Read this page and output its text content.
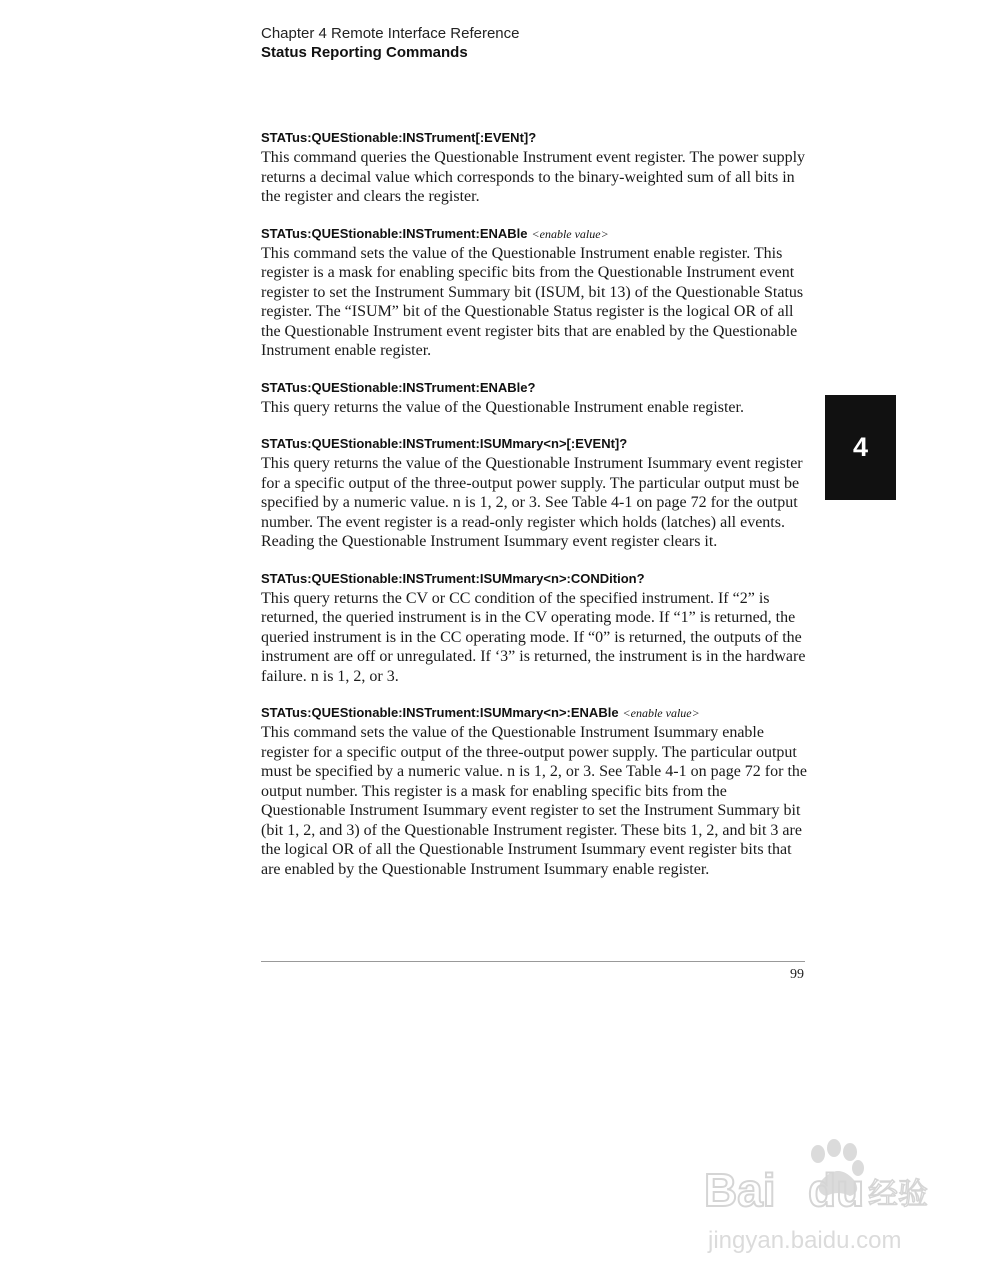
Chapter 4 Remote Interface Reference
Status Reporting Commands

STATus:QUEStionable:INSTrument[:EVENt]?

This command queries the Questionable Instrument event register. The power supply returns a decimal value which corresponds to the binary-weighted sum of all bits in the register and clears the register.

STATus:QUEStionable:INSTrument:ENABle <enable value>

This command sets the value of the Questionable Instrument enable register. This register is a mask for enabling specific bits from the Questionable Instrument event register to set the Instrument Summary bit (ISUM, bit 13) of the Questionable Status register. The “ISUM” bit of the Questionable Status register is the logical OR of all the Questionable Instrument event register bits that are enabled by the Questionable Instrument enable register.

STATus:QUEStionable:INSTrument:ENABle?

This query returns the value of the Questionable Instrument enable register.

STATus:QUEStionable:INSTrument:ISUMmary<n>[:EVENt]?

This query returns the value of the Questionable Instrument Isummary event register for a specific output of the three-output power supply. The particular output must be specified by a numeric value. n is 1, 2, or 3. See Table 4-1 on page 72 for the output number. The event register is a read-only register which holds (latches) all events. Reading the Questionable Instrument Isummary event register clears it.

STATus:QUEStionable:INSTrument:ISUMmary<n>:CONDition?

This query returns the CV or CC condition of the specified instrument. If “2” is returned, the queried instrument is in the CV operating mode. If “1” is returned, the queried instrument is in the CC operating mode. If “0” is returned, the outputs of the instrument are off or unregulated. If ‘3” is returned, the instrument is in the hardware failure. n is 1, 2, or 3.

STATus:QUEStionable:INSTrument:ISUMmary<n>:ENABle <enable value>

This command sets the value of the Questionable Instrument Isummary enable register for a specific output of the three-output power supply. The particular output must be specified by a numeric value. n is 1, 2, or 3. See Table 4-1 on page 72 for the output number. This register is a mask for enabling specific bits from the Questionable Instrument Isummary event register to set the Instrument Summary bit (bit 1, 2, and 3) of the Questionable Instrument register. These bits 1, 2, and bit 3 are the logical OR of all the Questionable Instrument Isummary event register bits that are enabled by the Questionable Instrument Isummary enable register.

4
99
Bai du 经验
jingyan.baidu.com
